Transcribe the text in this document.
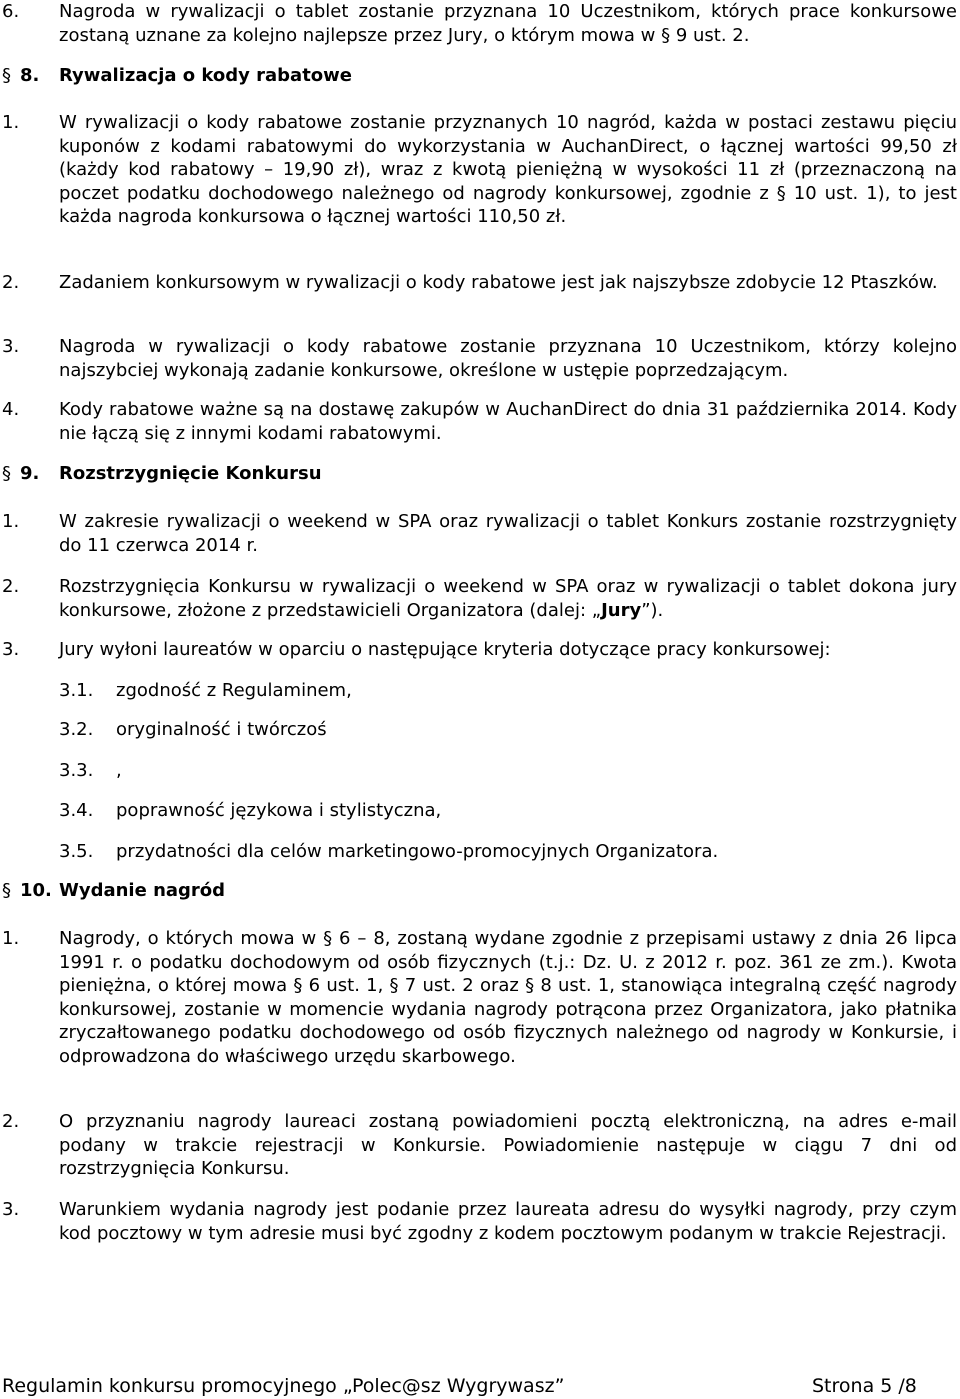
6. Nagroda w rywalizacji o tablet zostanie przyznana 10 Uczestnikom, których prace konkursowe zostaną uznane za kolejno najlepsze przez Jury, o którym mowa w § 9 ust. 2.

§ 8. Rywalizacja o kody rabatowe
1. W rywalizacji o kody rabatowe zostanie przyznanych 10 nagród, każda w postaci zestawu pięciu kuponów z kodami rabatowymi do wykorzystania w AuchanDirect, o łącznej wartości 99,50 zł (każdy kod rabatowy – 19,90 zł), wraz z kwotą pieniężną w wysokości 11 zł (przeznaczoną na poczet podatku dochodowego należnego od nagrody konkursowej, zgodnie z § 10 ust. 1), to jest każda nagroda konkursowa o łącznej wartości 110,50 zł.

2. Zadaniem konkursowym w rywalizacji o kody rabatowe jest jak najszybsze zdobycie 12 Ptaszków.

3. Nagroda w rywalizacji o kody rabatowe zostanie przyznana 10 Uczestnikom, którzy kolejno najszybciej wykonają zadanie konkursowe, określone w ustępie poprzedzającym.

4. Kody rabatowe ważne są na dostawę zakupów w AuchanDirect do dnia 31 października 2014. Kody nie łączą się z innymi kodami rabatowymi.

§ 9. Rozstrzygnięcie Konkursu
1. W zakresie rywalizacji o weekend w SPA oraz rywalizacji o tablet Konkurs zostanie rozstrzygnięty do 11 czerwca 2014 r.

2. Rozstrzygnięcia Konkursu w rywalizacji o weekend w SPA oraz w rywalizacji o tablet dokona jury konkursowe, złożone z przedstawicieli Organizatora (dalej: „Jury”).

3. Jury wyłoni laureatów w oparciu o następujące kryteria dotyczące pracy konkursowej:

3.1. zgodność z Regulaminem,
3.2. oryginalność i twórczoś
3.3. ,
3.4. poprawność językowa i stylistyczna,
3.5. przydatności dla celów marketingowo-promocyjnych Organizatora.
§ 10. Wydanie nagród
1. Nagrody, o których mowa w § 6 – 8, zostaną wydane zgodnie z przepisami ustawy z dnia 26 lipca 1991 r. o podatku dochodowym od osób fizycznych (t.j.: Dz. U. z 2012 r. poz. 361 ze zm.). Kwota pieniężna, o której mowa § 6 ust. 1, § 7 ust. 2 oraz § 8 ust. 1, stanowiąca integralną część nagrody konkursowej, zostanie w momencie wydania nagrody potrącona przez Organizatora, jako płatnika zryczałtowanego podatku dochodowego od osób fizycznych należnego od nagrody w Konkursie, i odprowadzona do właściwego urzędu skarbowego.

2. O przyznaniu nagrody laureaci zostaną powiadomieni pocztą elektroniczną, na adres e-mail podany w trakcie rejestracji w Konkursie. Powiadomienie następuje w ciągu 7 dni od rozstrzygnięcia Konkursu.

3. Warunkiem wydania nagrody jest podanie przez laureata adresu do wysyłki nagrody, przy czym kod pocztowy w tym adresie musi być zgodny z kodem pocztowym podanym w trakcie Rejestracji.

Regulamin konkursu promocyjnego „Polec@sz Wygrywasz”	Strona 5 /8
